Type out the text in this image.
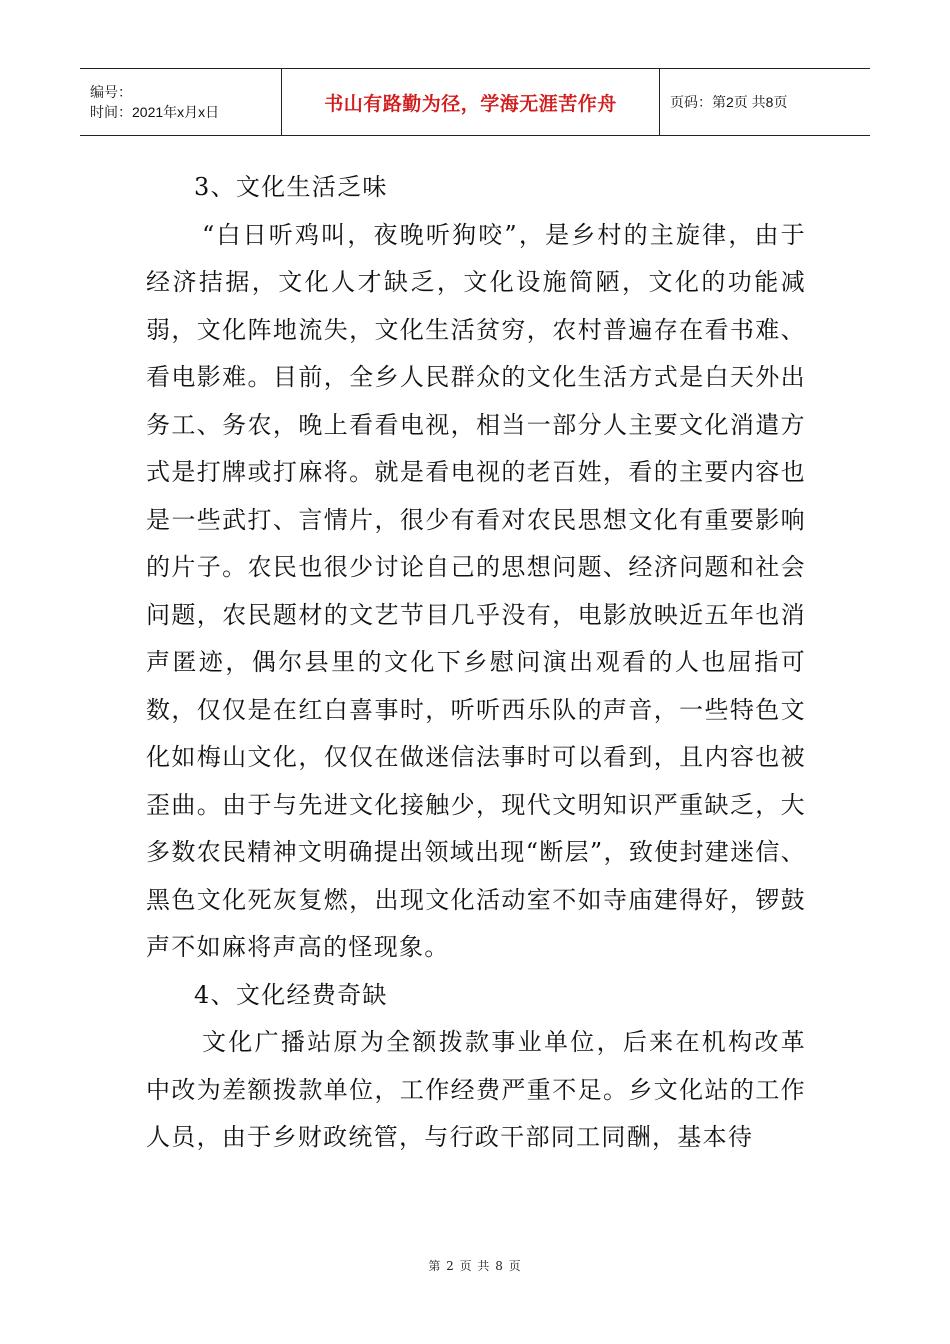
编号：
时间：2021年x月x日	书山有路勤为径，学海无涯苦作舟	页码：第2页 共8页

3、文化生活乏味

“白日听鸡叫，夜晚听狗咬”，是乡村的主旋律，由于经济拮据，文化人才缺乏，文化设施简陋，文化的功能减弱，文化阵地流失，文化生活贫穷，农村普遍存在看书难、看电影难。目前，全乡人民群众的文化生活方式是白天外出务工、务农，晚上看看电视，相当一部分人主要文化消遣方式是打牌或打麻将。就是看电视的老百姓，看的主要内容也是一些武打、言情片，很少有看对农民思想文化有重要影响的片子。农民也很少讨论自己的思想问题、经济问题和社会问题，农民题材的文艺节目几乎没有，电影放映近五年也消声匿迹，偶尔县里的文化下乡慰问演出观看的人也屈指可数，仅仅是在红白喜事时，听听西乐队的声音，一些特色文化如梅山文化，仅仅在做迷信法事时可以看到，且内容也被歪曲。由于与先进文化接触少，现代文明知识严重缺乏，大多数农民精神文明确提出领域出现“断层”，致使封建迷信、黑色文化死灰复燃，出现文化活动室不如寺庙建得好，锣鼓声不如麻将声高的怪现象。

4、文化经费奇缺

文化广播站原为全额拨款事业单位，后来在机构改革中改为差额拨款单位，工作经费严重不足。乡文化站的工作人员，由于乡财政统管，与行政干部同工同酬，基本待

第 2 页 共 8 页
